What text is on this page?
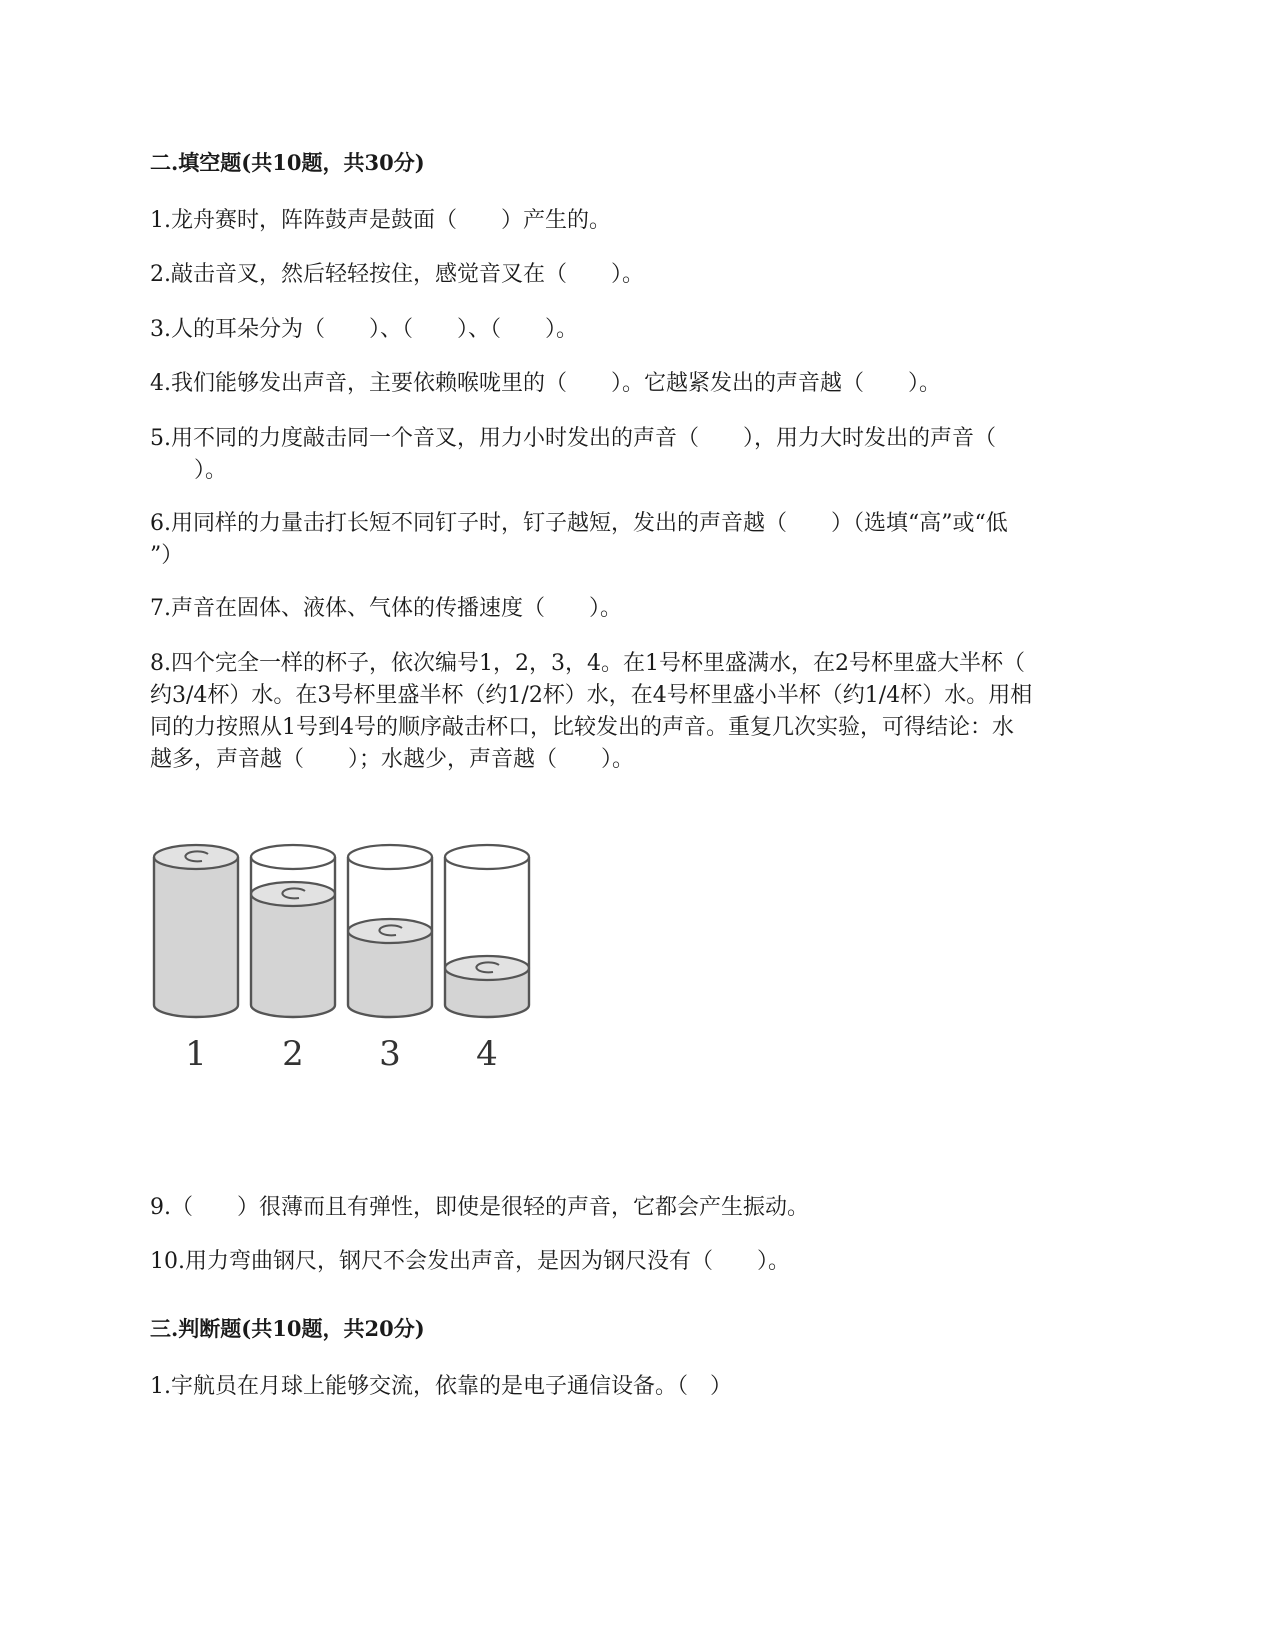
二.填空题(共10题，共30分)

1.龙舟赛时，阵阵鼓声是鼓面（　　）产生的。

2.敲击音叉，然后轻轻按住，感觉音叉在（　　）。

3.人的耳朵分为（　　）、（　　）、（　　）。

4.我们能够发出声音，主要依赖喉咙里的（　　）。它越紧发出的声音越（　　）。

5.用不同的力度敲击同一个音叉，用力小时发出的声音（　　），用力大时发出的声音（
　　）。
6.用同样的力量击打长短不同钉子时，钉子越短，发出的声音越（　　）（选填“高”或“低
”）

7.声音在固体、液体、气体的传播速度（　　）。

8.四个完全一样的杯子，依次编号1，2，3，4。在1号杯里盛满水，在2号杯里盛大半杯（
约3/4杯）水。在3号杯里盛半杯（约1/2杯）水，在4号杯里盛小半杯（约1/4杯）水。用相
同的力按照从1号到4号的顺序敲击杯口，比较发出的声音。重复几次实验，可得结论：水
越多，声音越（　　）；水越少，声音越（　　）。
1 2 3 4

9.（　　）很薄而且有弹性，即使是很轻的声音，它都会产生振动。

10.用力弯曲钢尺，钢尺不会发出声音，是因为钢尺没有（　　）。

三.判断题(共10题，共20分)

1.宇航员在月球上能够交流，依靠的是电子通信设备。（　）
